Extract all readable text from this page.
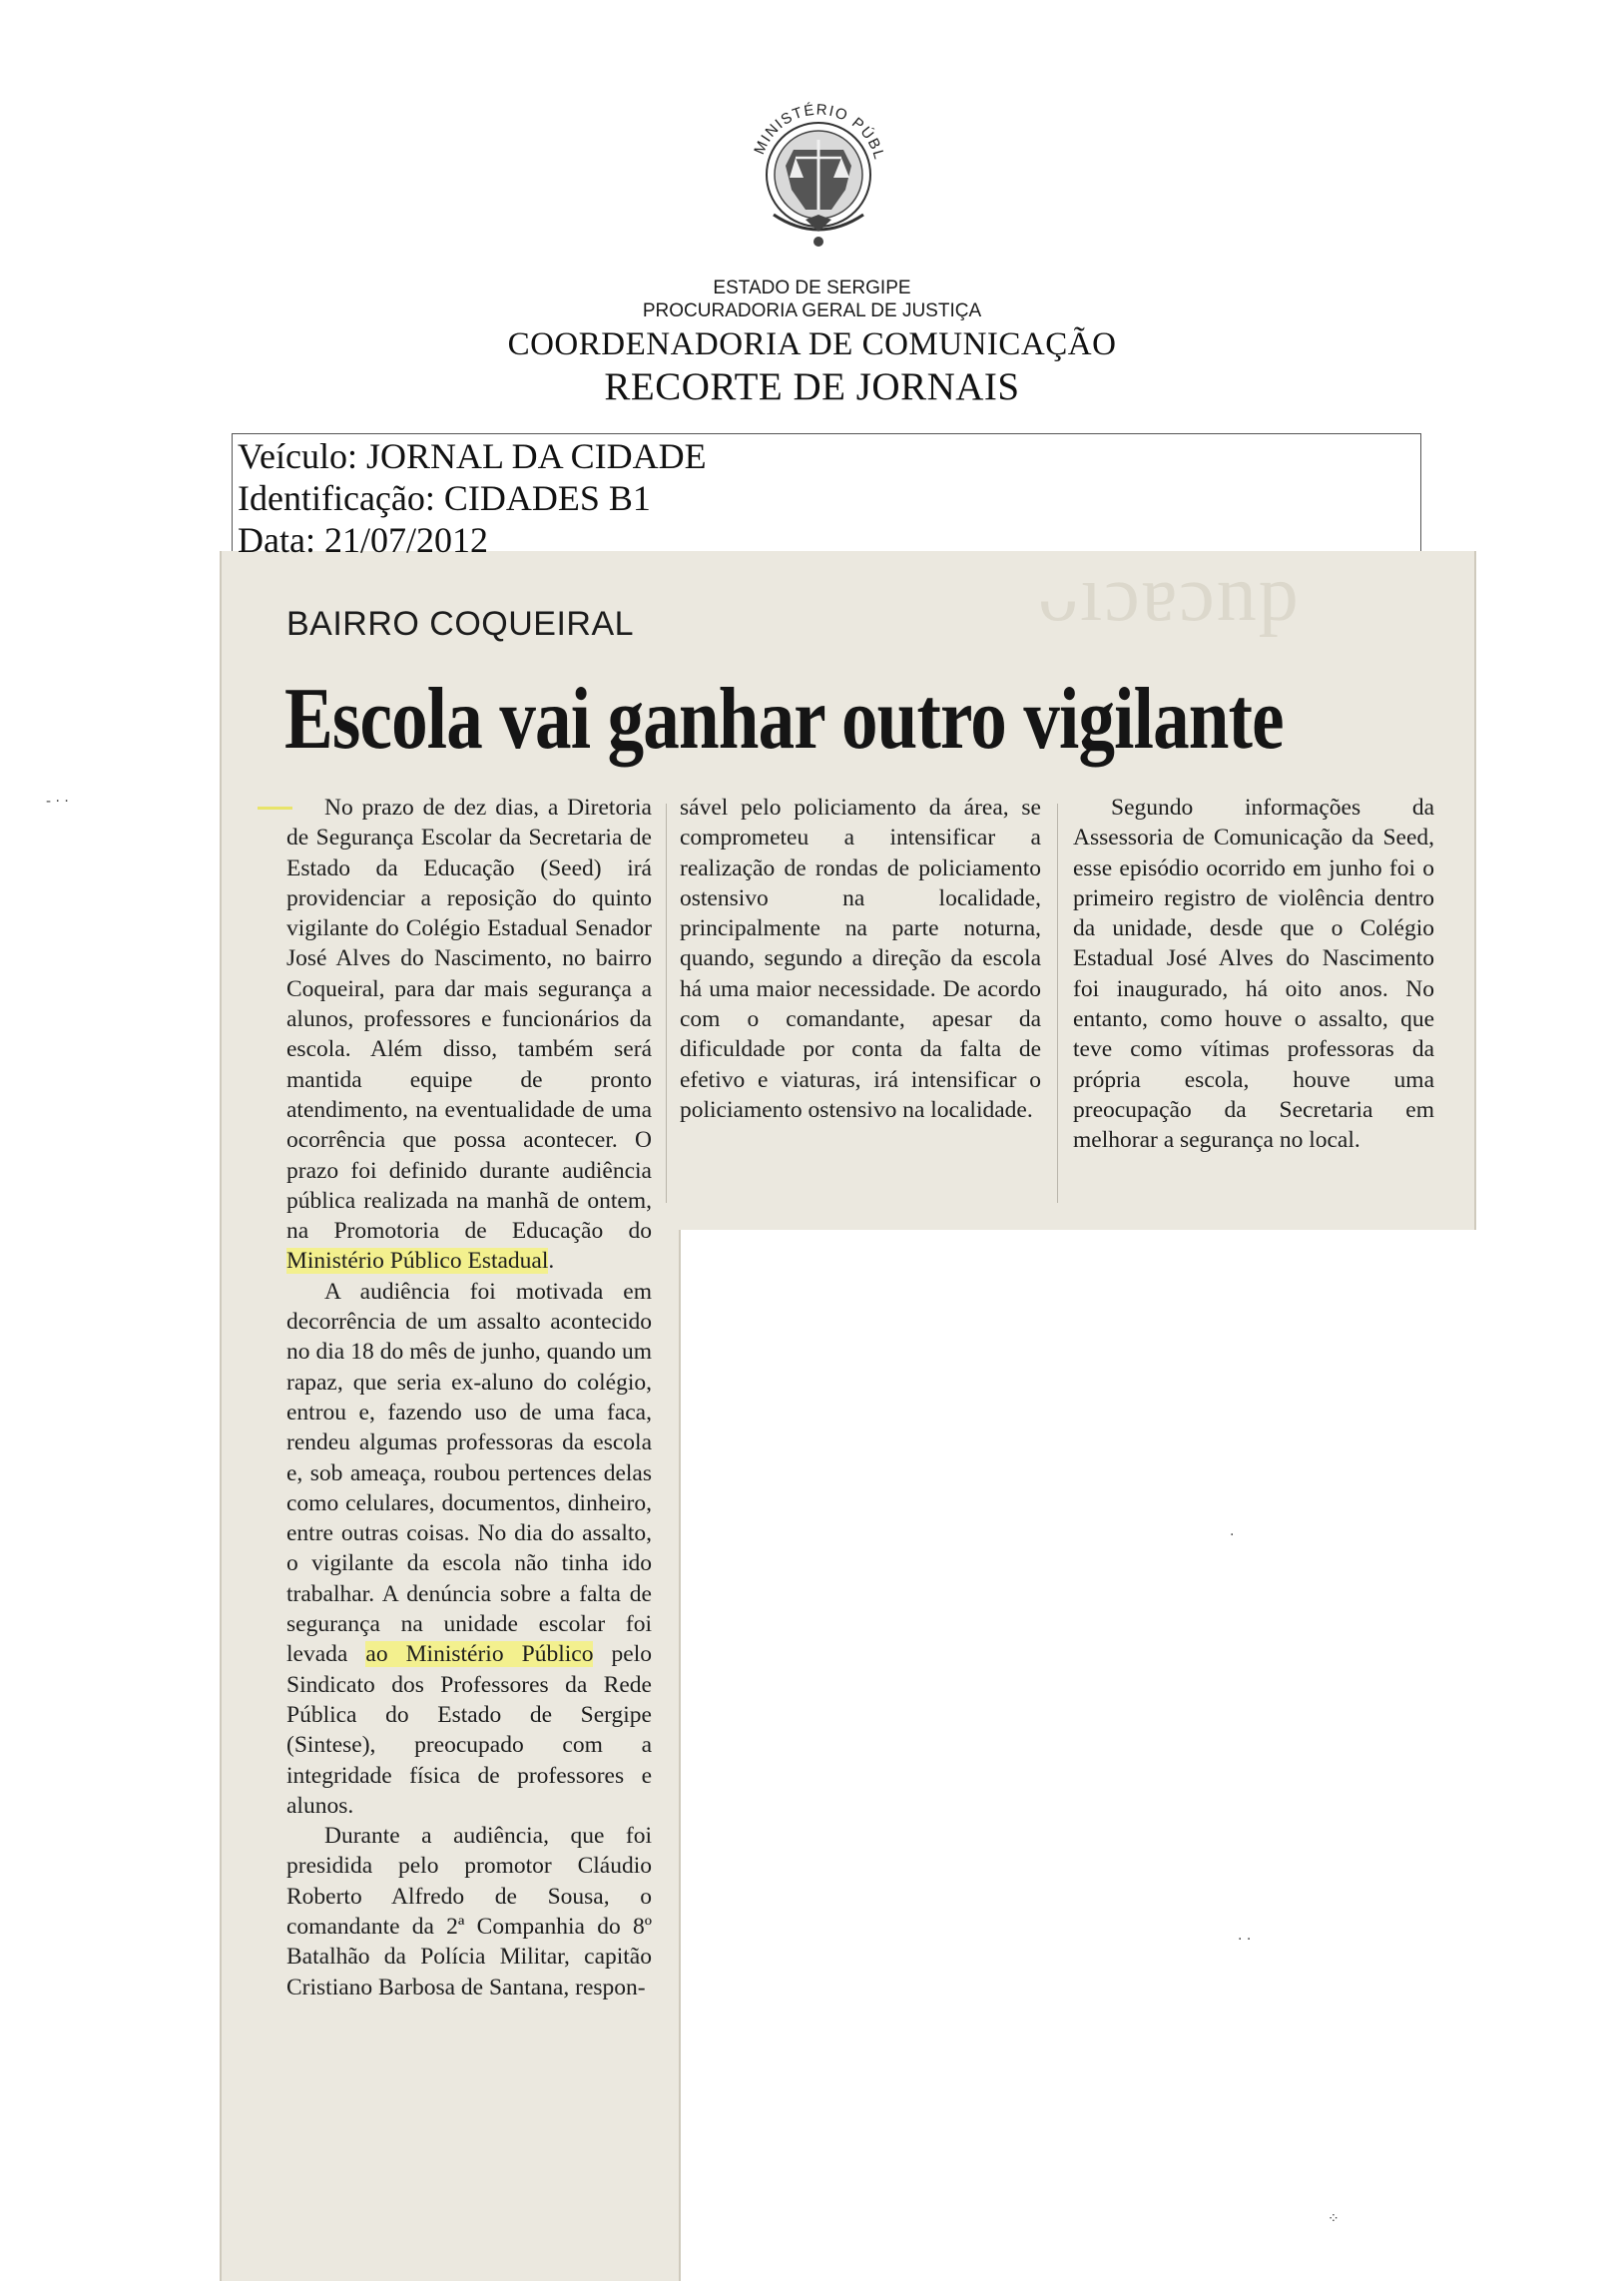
MINISTÉRIO PÚBL
ESTADO DE SERGIPE
PROCURADORIA GERAL DE JUSTIÇA
COORDENADORIA DE COMUNICAÇÃO
RECORTE DE JORNAIS
ᴗıɔɐɔnp
Veículo: JORNAL DA CIDADE
Identificação: CIDADES B1
Data: 21/07/2012
BAIRRO COQUEIRAL
Escola vai ganhar outro vigilante

No prazo de dez dias, a Diretoria de Segurança Escolar da Secretaria de Estado da Educação (Seed) irá providenciar a reposição do quinto vigilante do Colégio Estadual Senador José Alves do Nascimento, no bairro Coqueiral, para dar mais segurança a alunos, professores e funcionários da escola. Além disso, também será mantida equipe de pronto atendimento, na eventualidade de uma ocorrência que possa acontecer. O prazo foi definido durante audiência pública realizada na manhã de ontem, na Promotoria de Educação do Ministério Público Estadual.

A audiência foi motivada em decorrência de um assalto acontecido no dia 18 do mês de junho, quando um rapaz, que seria ex-aluno do colégio, entrou e, fazendo uso de uma faca, rendeu algumas professoras da escola e, sob ameaça, roubou pertences delas como celulares, documentos, dinheiro, entre outras coisas. No dia do assalto, o vigilante da escola não tinha ido trabalhar. A denúncia sobre a falta de segurança na unidade escolar foi levada ao Ministério Público pelo Sindicato dos Professores da Rede Pública do Estado de Sergipe (Sintese), preocupado com a integridade física de professores e alunos.

Durante a audiência, que foi presidida pelo promotor Cláudio Roberto Alfredo de Sousa, o comandante da 2ª Companhia do 8º Batalhão da Polícia Militar, capitão Cristiano Barbosa de Santana, respon-

sável pelo policiamento da área, se comprometeu a intensificar a realização de rondas de policiamento ostensivo na localidade, principalmente na parte noturna, quando, segundo a direção da escola há uma maior necessidade. De acordo com o comandante, apesar da dificuldade por conta da falta de efetivo e viaturas, irá intensificar o policiamento ostensivo na localidade.

Segundo informações da Assessoria de Comunicação da Seed, esse episódio ocorrido em junho foi o primeiro registro de violência dentro da unidade, desde que o Colégio Estadual José Alves do Nascimento foi inaugurado, há oito anos. No entanto, como houve o assalto, que teve como vítimas professoras da própria escola, houve uma preocupação da Secretaria em melhorar a segurança no local.

- · ·
·
· ·
⁘
